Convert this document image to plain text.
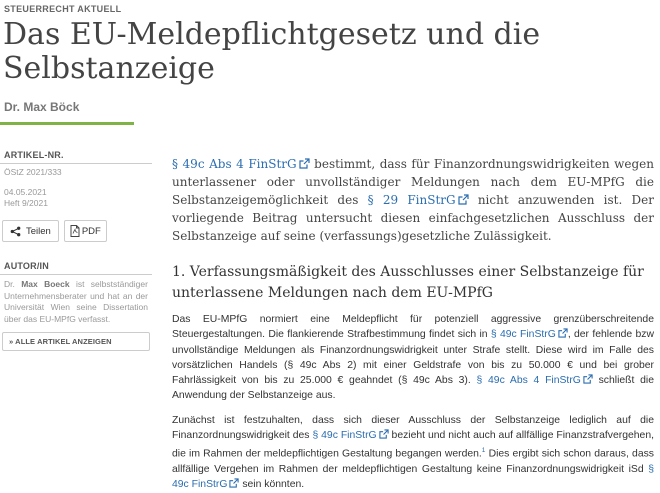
STEUERRECHT AKTUELL
Das EU-Meldepflichtgesetz und die Selbstanzeige
Dr. Max Böck
ARTIKEL-NR.
ÖStZ 2021/333
04.05.2021
Heft 9/2021
Teilen	PDF
AUTOR/IN
Dr. Max Boeck ist selbstständiger Unternehmensberater und hat an der Universität Wien seine Dissertation über das EU-MPfG verfasst.
» ALLE ARTIKEL ANZEIGEN

§ 49c Abs 4 FinStrG bestimmt, dass für Finanzordnungswidrigkeiten wegen unterlassener oder unvollständiger Meldungen nach dem EU-MPfG die Selbstanzeigemöglichkeit des § 29 FinStrG nicht anzuwenden ist. Der vorliegende Beitrag untersucht diesen einfachgesetzlichen Ausschluss der Selbstanzeige auf seine (verfassungs)gesetzliche Zulässigkeit.

1. Verfassungsmäßigkeit des Ausschlusses einer Selbstanzeige für unterlassene Meldungen nach dem EU-MPfG

Das EU-MPfG normiert eine Meldepflicht für potenziell aggressive grenzüberschreitende Steuergestaltungen. Die flankierende Strafbestimmung findet sich in § 49c FinStrG , der fehlende bzw unvollständige Meldungen als Finanzordnungswidrigkeit unter Strafe stellt. Diese wird im Falle des vorsätzlichen Handels (§ 49c Abs 2) mit einer Geldstrafe von bis zu 50.000 € und bei grober Fahrlässigkeit von bis zu 25.000 € geahndet (§ 49c Abs 3). § 49c Abs 4 FinStrG schließt die Anwendung der Selbstanzeige aus.

Zunächst ist festzuhalten, dass sich dieser Ausschluss der Selbstanzeige lediglich auf die Finanzordnungswidrigkeit des § 49c FinStrG bezieht und nicht auch auf allfällige Finanzstrafvergehen, die im Rahmen der meldepflichtigen Gestaltung begangen werden.$^1$ Dies ergibt sich schon daraus, dass allfällige Vergehen im Rahmen der meldepflichtigen Gestaltung keine Finanzordnungswidrigkeit iSd § 49c FinStrG sein könnten.
